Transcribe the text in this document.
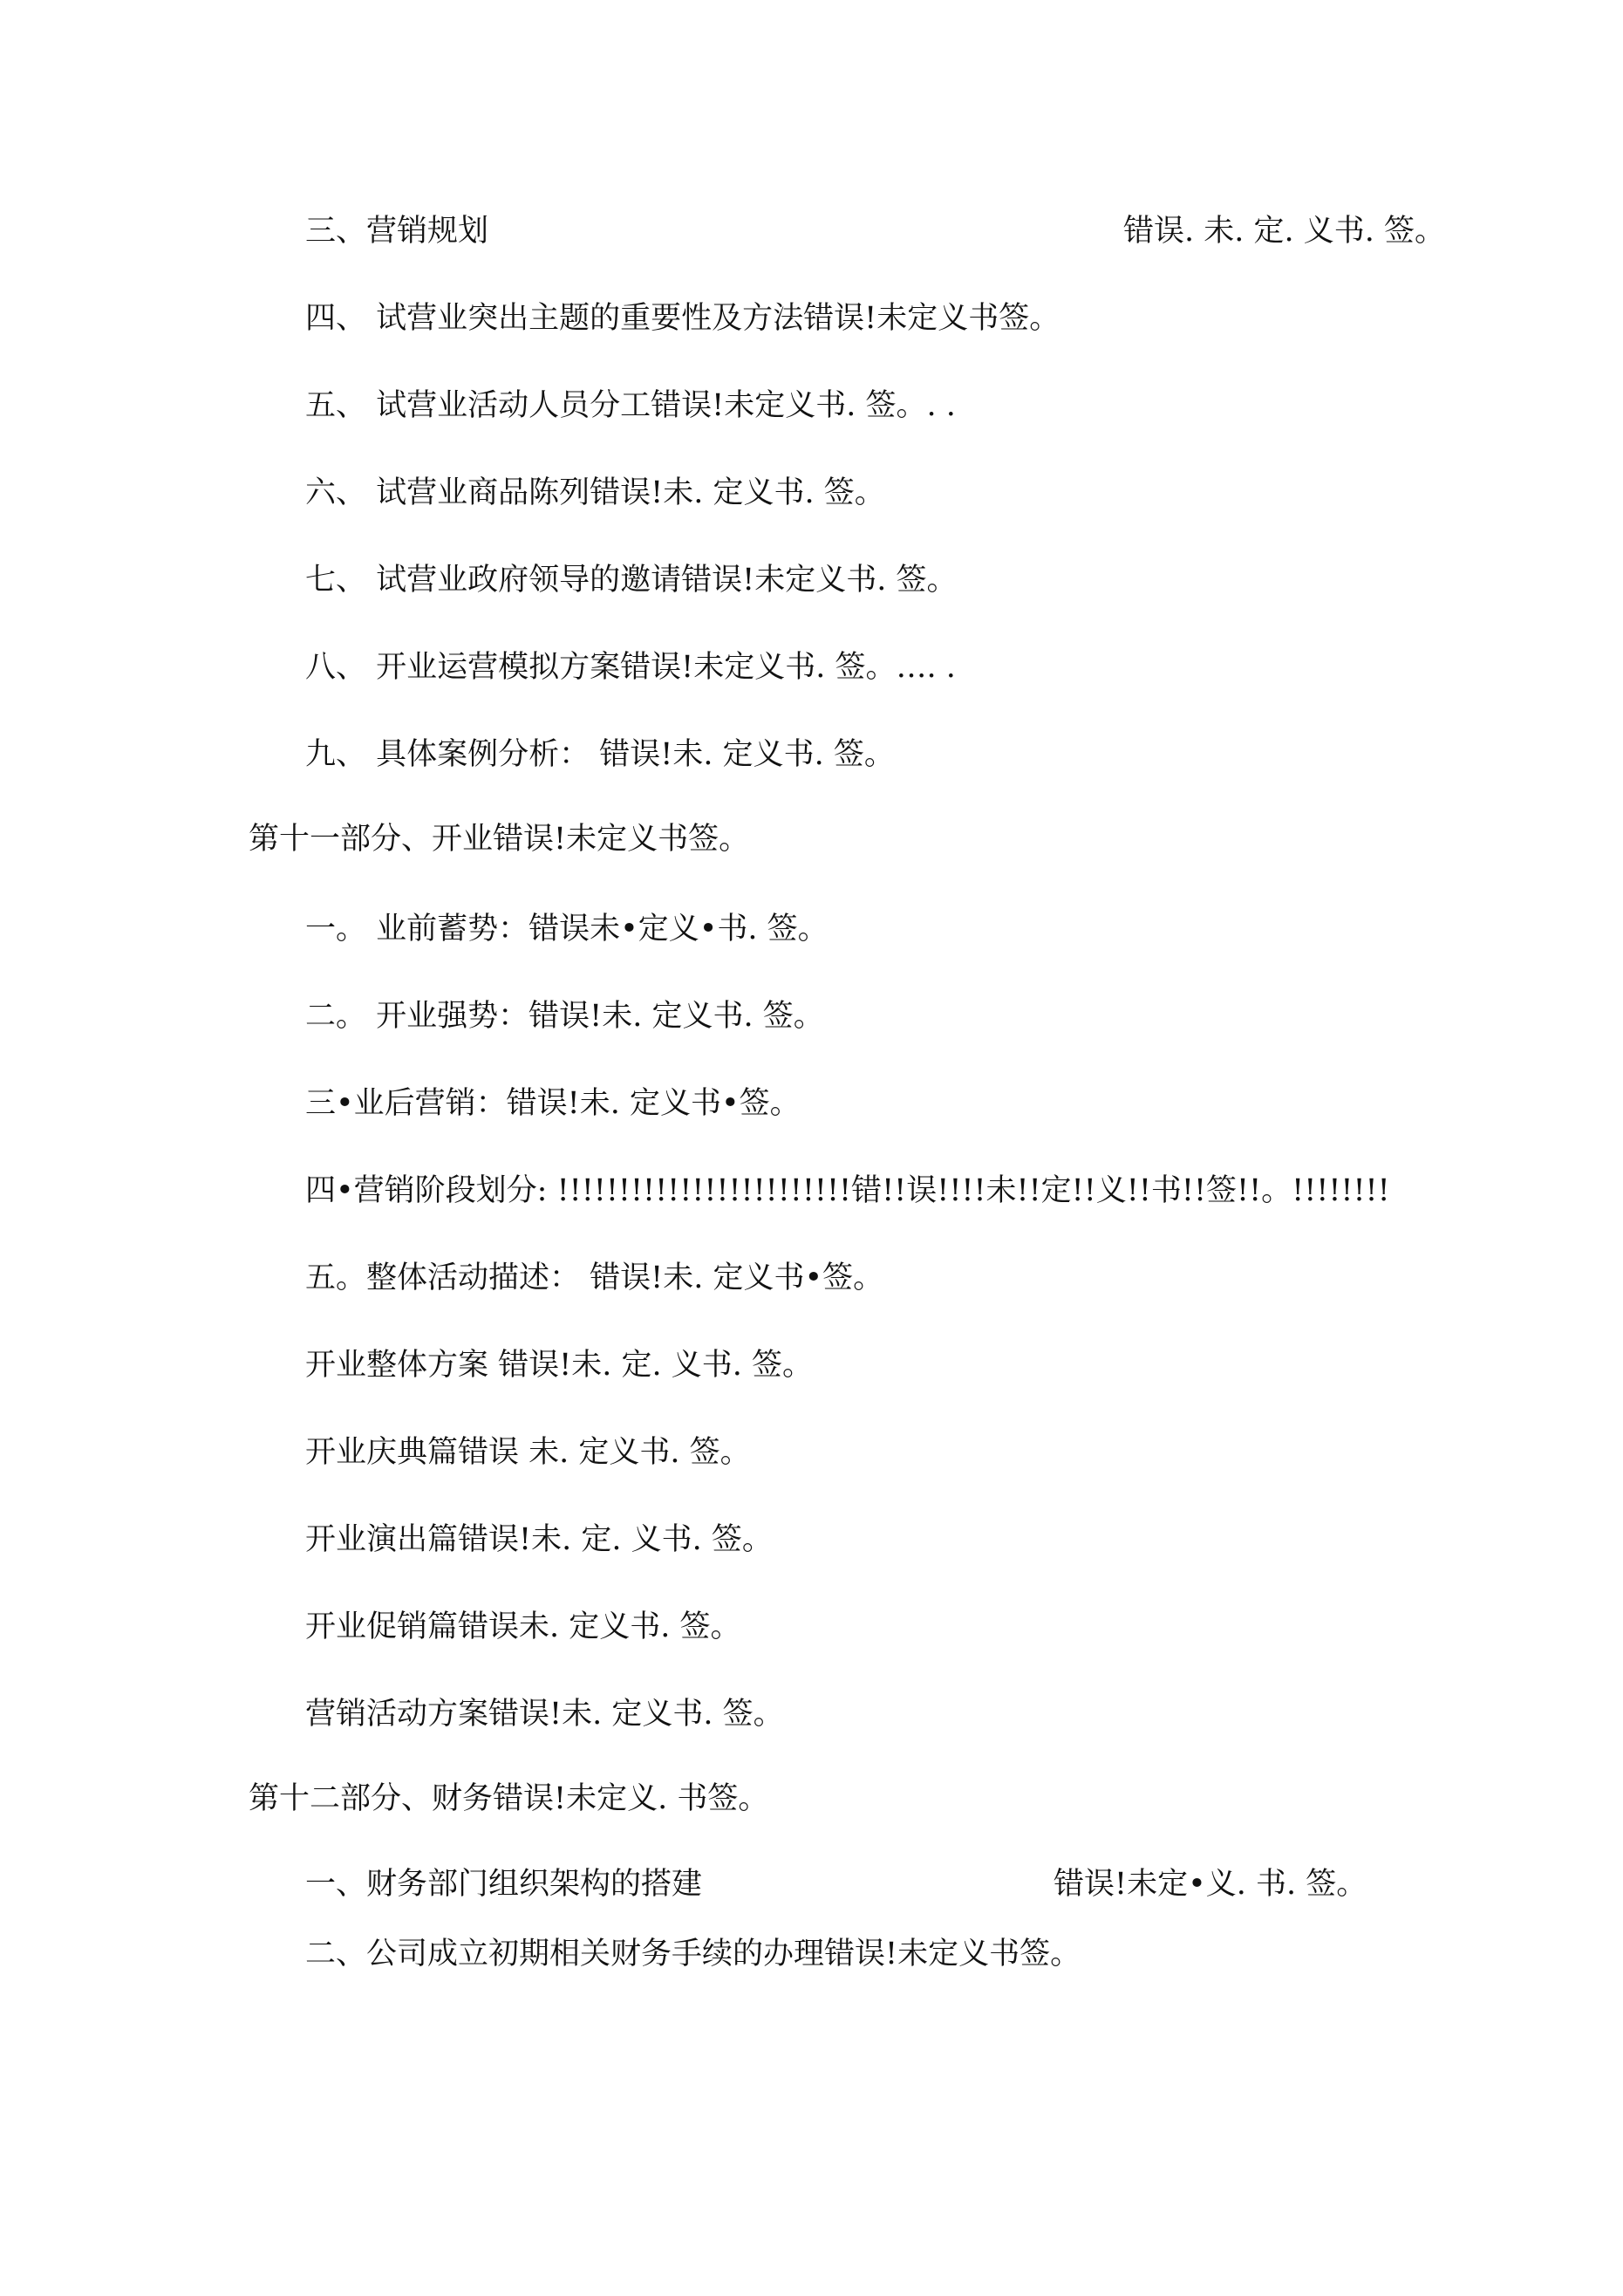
三、营销规划	错误. 未. 定. 义书. 签。
四、 试营业突出主题的重要性及方法错误!未定义书签。
五、 试营业活动人员分工错误!未定义书. 签。. .
六、 试营业商品陈列错误!未. 定义书. 签。
七、 试营业政府领导的邀请错误!未定义书. 签。
八、 开业运营模拟方案错误!未定义书. 签。…. .
九、 具体案例分析： 错误!未. 定义书. 签。
第十一部分、开业错误!未定义书签。
一。 业前蓄势：错误未•定义•书. 签。
二。 开业强势：错误!未. 定义书. 签。
三•业后营销：错误!未. 定义书•签。
四•营销阶段划分: !!!!!!!!!!!!!!!!!!!!!!!!错!!误!!!!未!!定!!义!!书!!签!!。!!!!!!!!
五。整体活动描述： 错误!未. 定义书•签。
开业整体方案 错误!未. 定. 义书. 签。
开业庆典篇错误 未. 定义书. 签。
开业演出篇错误!未. 定. 义书. 签。
开业促销篇错误未. 定义书. 签。
营销活动方案错误!未. 定义书. 签。
第十二部分、财务错误!未定义. 书签。
一、财务部门组织架构的搭建	错误!未定•义. 书. 签。
二、公司成立初期相关财务手续的办理错误!未定义书签。
